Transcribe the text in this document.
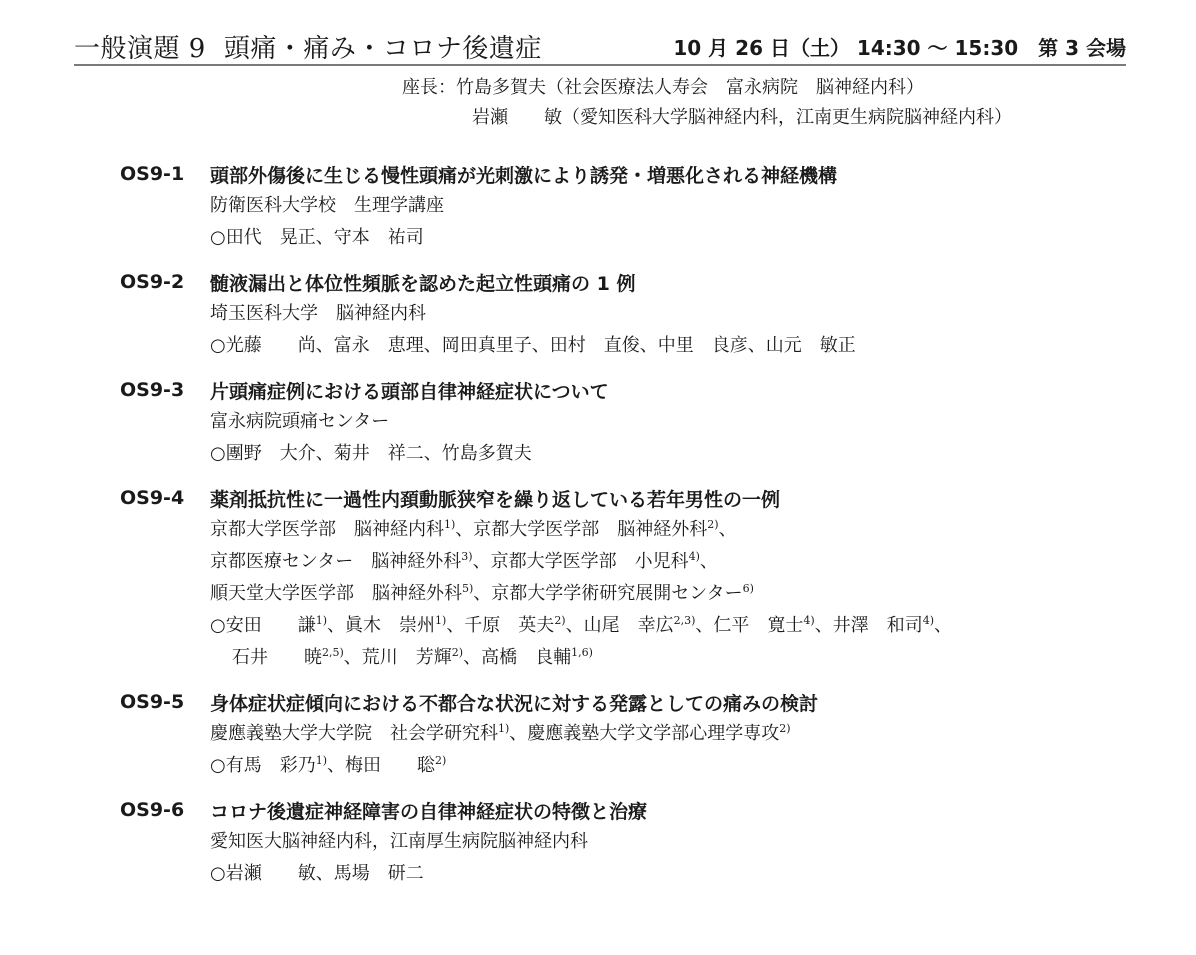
一般演題 9 頭痛・痛み・コロナ後遺症	10 月 26 日（土） 14:30 ～ 15:30　第 3 会場
座長：竹島多賀夫（社会医療法人寿会　富永病院　脳神経内科）
岩瀬　　敏（愛知医科大学脳神経内科，江南更生病院脳神経内科）
OS9-1	頭部外傷後に生じる慢性頭痛が光刺激により誘発・増悪化される神経機構
防衛医科大学校　生理学講座
○田代　晃正、守本　祐司
OS9-2	髄液漏出と体位性頻脈を認めた起立性頭痛の 1 例
埼玉医科大学　脳神経内科
○光藤　　尚、富永　恵理、岡田真里子、田村　直俊、中里　良彦、山元　敏正
OS9-3	片頭痛症例における頭部自律神経症状について
富永病院頭痛センター
○團野　大介、菊井　祥二、竹島多賀夫
OS9-4	薬剤抵抗性に一過性内頚動脈狭窄を繰り返している若年男性の一例
京都大学医学部　脳神経内科$^{1)}$、京都大学医学部　脳神経外科$^{2)}$、
京都医療センター　脳神経外科$^{3)}$、京都大学医学部　小児科$^{4)}$、
順天堂大学医学部　脳神経外科$^{5)}$、京都大学学術研究展開センター$^{6)}$
○安田　　謙$^{1)}$、眞木　崇州$^{1)}$、千原　英夫$^{2)}$、山尾　幸広$^{2,3)}$、仁平　寛士$^{4)}$、井澤　和司$^{4)}$、
石井　　暁$^{2,5)}$、荒川　芳輝$^{2)}$、高橋　良輔$^{1,6)}$
OS9-5	身体症状症傾向における不都合な状況に対する発露としての痛みの検討
慶應義塾大学大学院　社会学研究科$^{1)}$、慶應義塾大学文学部心理学専攻$^{2)}$
○有馬　彩乃$^{1)}$、梅田　　聡$^{2)}$
OS9-6	コロナ後遺症神経障害の自律神経症状の特徴と治療
愛知医大脳神経内科，江南厚生病院脳神経内科
○岩瀬　　敏、馬場　研二
